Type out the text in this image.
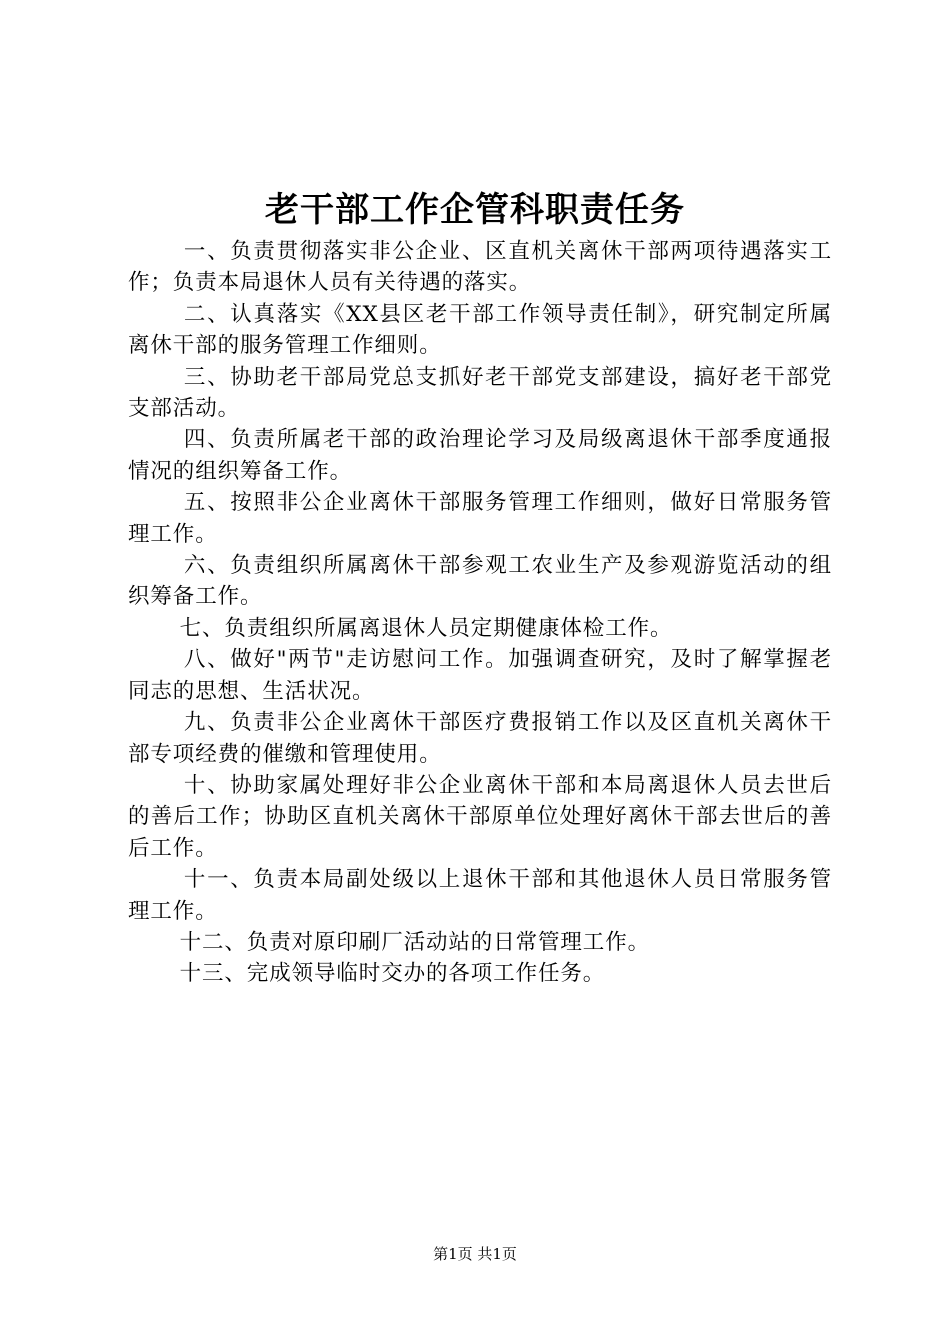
老干部工作企管科职责任务

一、负责贯彻落实非公企业、区直机关离休干部两项待遇落实工作；负责本局退休人员有关待遇的落实。

二、认真落实《XX县区老干部工作领导责任制》，研究制定所属离休干部的服务管理工作细则。

三、协助老干部局党总支抓好老干部党支部建设，搞好老干部党支部活动。

四、负责所属老干部的政治理论学习及局级离退休干部季度通报情况的组织筹备工作。

五、按照非公企业离休干部服务管理工作细则，做好日常服务管理工作。

六、负责组织所属离休干部参观工农业生产及参观游览活动的组织筹备工作。

七、负责组织所属离退休人员定期健康体检工作。

八、做好"两节"走访慰问工作。加强调查研究，及时了解掌握老同志的思想、生活状况。

九、负责非公企业离休干部医疗费报销工作以及区直机关离休干部专项经费的催缴和管理使用。

十、协助家属处理好非公企业离休干部和本局离退休人员去世后的善后工作；协助区直机关离休干部原单位处理好离休干部去世后的善后工作。

十一、负责本局副处级以上退休干部和其他退休人员日常服务管理工作。

十二、负责对原印刷厂活动站的日常管理工作。

十三、完成领导临时交办的各项工作任务。

第1页 共1页
